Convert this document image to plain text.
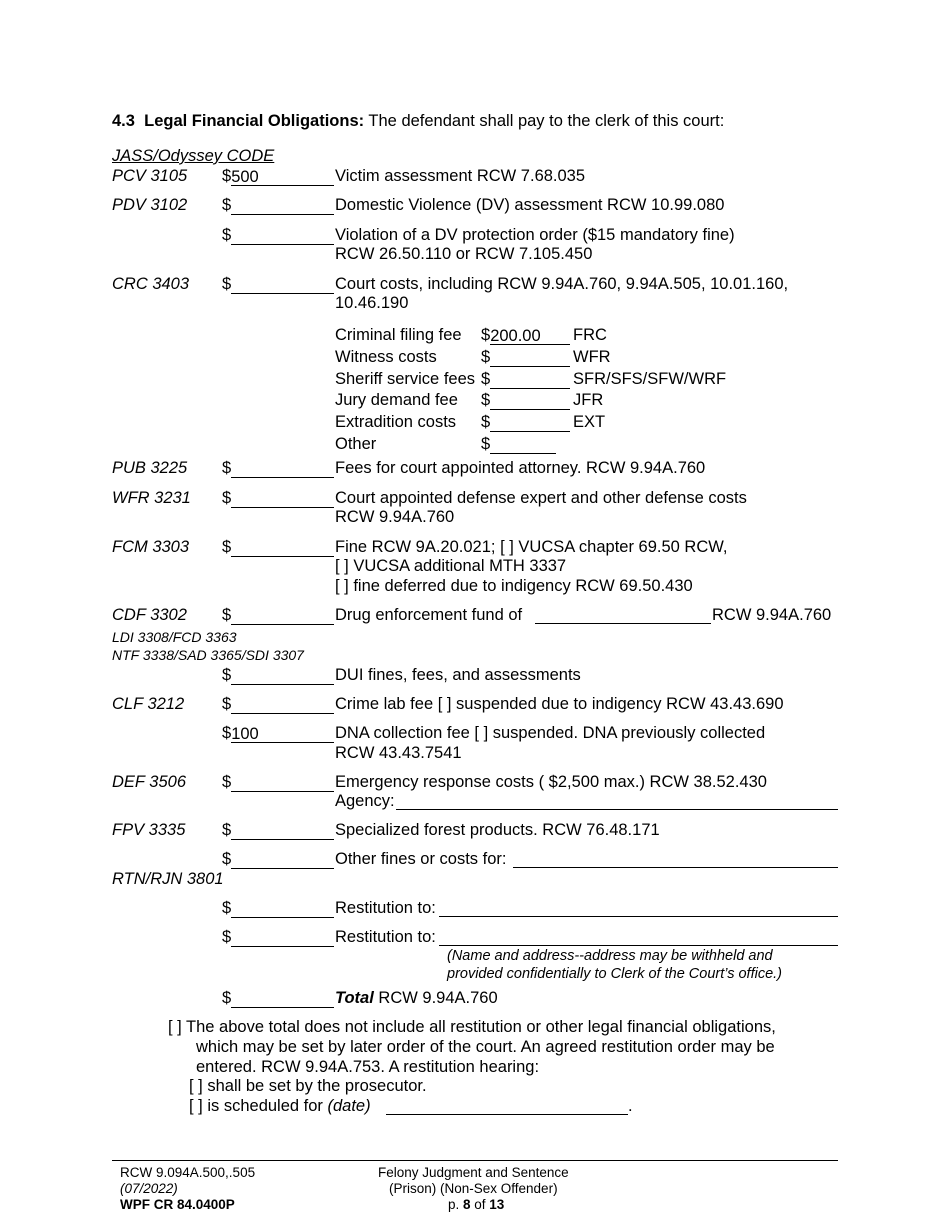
4.3 Legal Financial Obligations: The defendant shall pay to the clerk of this court:
JASS/Odyssey CODE
PCV 3105 $500	Victim assessment RCW 7.68.035
PDV 3102 $	Domestic Violence (DV) assessment RCW 10.99.080
$	Violation of a DV protection order ($15 mandatory fine)
RCW 26.50.110 or RCW 7.105.450
CRC 3403 $	Court costs, including RCW 9.94A.760, 9.94A.505, 10.01.160,
10.46.190
Criminal filing fee $200.00	FRC
Witness costs	$	WFR
Sheriff service fees $	SFR/SFS/SFW/WRF
Jury demand fee $	JFR
Extradition costs $	EXT
Other	$
PUB 3225 $	Fees for court appointed attorney. RCW 9.94A.760
WFR 3231 $	Court appointed defense expert and other defense costs
RCW 9.94A.760
FCM 3303 $	Fine RCW 9A.20.021; [ ] VUCSA chapter 69.50 RCW,
[ ] VUCSA additional MTH 3337
[ ] fine deferred due to indigency RCW 69.50.430
CDF 3302 $	Drug enforcement fund of	RCW 9.94A.760
LDI 3308/FCD 3363
NTF 3338/SAD 3365/SDI 3307
$	DUI fines, fees, and assessments
CLF 3212 $	Crime lab fee [ ] suspended due to indigency RCW 43.43.690
$100	DNA collection fee [ ] suspended. DNA previously collected
RCW 43.43.7541
DEF 3506 $	Emergency response costs ( $2,500 max.) RCW 38.52.430
Agency:
FPV 3335 $	Specialized forest products. RCW 76.48.171
$	Other fines or costs for:
RTN/RJN 3801
$	Restitution to:
$	Restitution to:
(Name and address--address may be withheld and
provided confidentially to Clerk of the Court’s office.)
$	Total RCW 9.94A.760
[ ] The above total does not include all restitution or other legal financial obligations,
which may be set by later order of the court. An agreed restitution order may be
entered. RCW 9.94A.753. A restitution hearing:
[ ] shall be set by the prosecutor.
[ ] is scheduled for (date)	.
RCW 9.094A.500,.505
(07/2022)
WPF CR 84.0400P
Felony Judgment and Sentence
(Prison) (Non-Sex Offender)
p. 8 of 13
